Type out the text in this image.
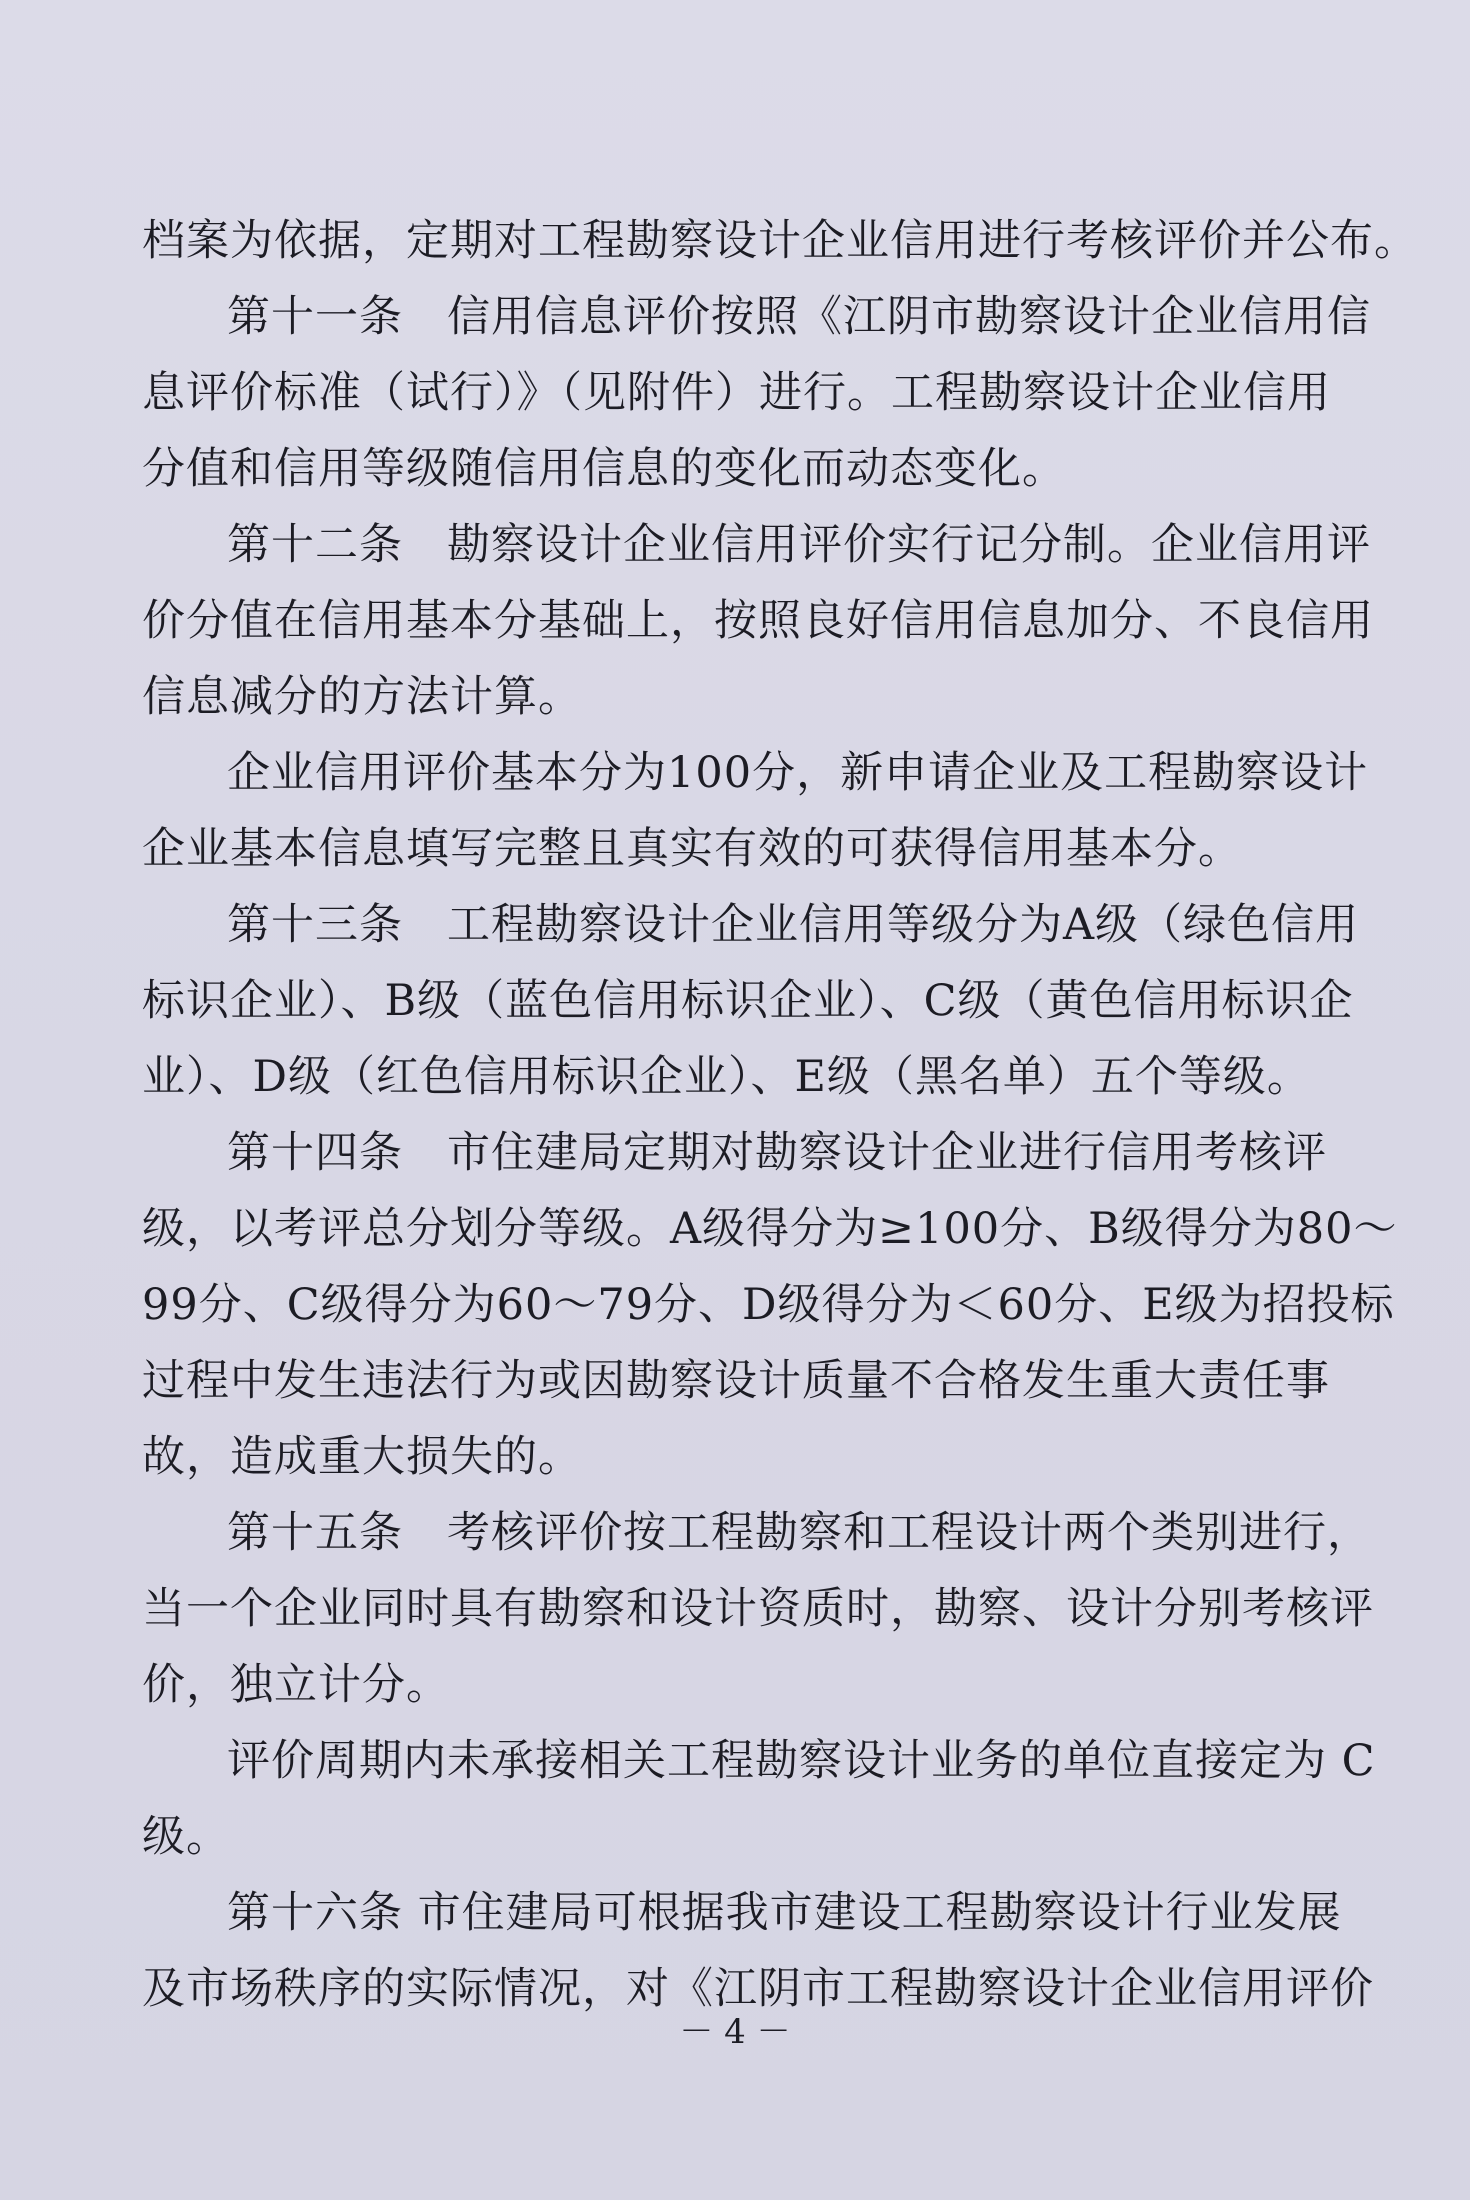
档案为依据，定期对工程勘察设计企业信用进行考核评价并公布。
第十一条　信用信息评价按照《江阴市勘察设计企业信用信
息评价标准（试行）》（见附件）进行。工程勘察设计企业信用
分值和信用等级随信用信息的变化而动态变化。
第十二条　勘察设计企业信用评价实行记分制。企业信用评
价分值在信用基本分基础上，按照良好信用信息加分、不良信用
信息减分的方法计算。
企业信用评价基本分为100分，新申请企业及工程勘察设计
企业基本信息填写完整且真实有效的可获得信用基本分。
第十三条　工程勘察设计企业信用等级分为A级（绿色信用
标识企业）、B级（蓝色信用标识企业）、C级（黄色信用标识企
业）、D级（红色信用标识企业）、E级（黑名单）五个等级。
第十四条　市住建局定期对勘察设计企业进行信用考核评
级，以考评总分划分等级。A级得分为≥100分、B级得分为80～
99分、C级得分为60～79分、D级得分为＜60分、E级为招投标
过程中发生违法行为或因勘察设计质量不合格发生重大责任事
故，造成重大损失的。
第十五条　考核评价按工程勘察和工程设计两个类别进行，
当一个企业同时具有勘察和设计资质时，勘察、设计分别考核评
价，独立计分。
评价周期内未承接相关工程勘察设计业务的单位直接定为 C
级。
第十六条 市住建局可根据我市建设工程勘察设计行业发展
及市场秩序的实际情况，对《江阴市工程勘察设计企业信用评价
－ 4 －
